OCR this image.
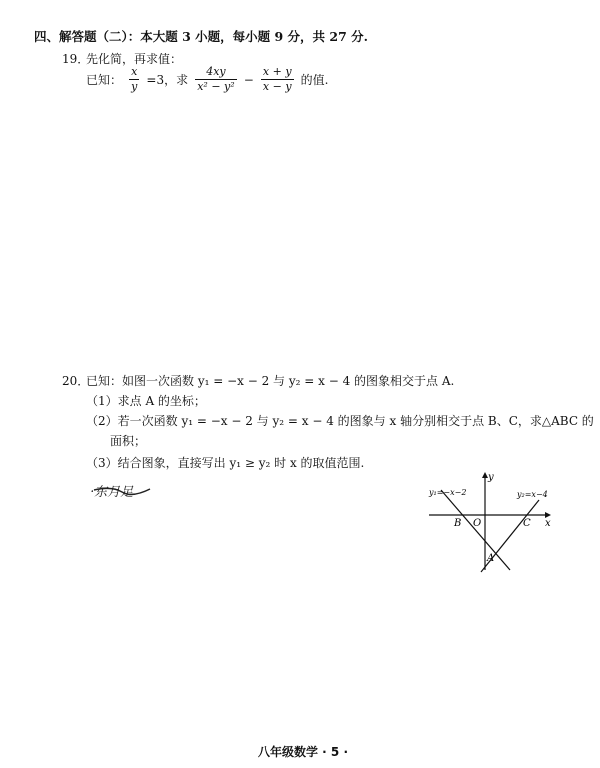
四、解答题（二）：本大题 3 小题，每小题 9 分，共 27 分.
19．
先化简，再求值：
已知： $\frac{x}{y} =3$，求 $\frac{4xy}{\text{x² − y²}} - \frac{x + y}{x - y}$ 的值.
20．
已知：如图一次函数 y₁ = −x − 2 与 y₂ = x − 4 的图象相交于点 A.
（1）求点 A 的坐标；
（2）若一次函数 y₁ = −x − 2 与 y₂ = x − 4 的图象与 x 轴分别相交于点 B、C，求△ABC 的
面积；
（3）结合图象，直接写出 y₁ ≥ y₂ 时 x 的取值范围.
·东月足
y
x
y₁=−x−2	y₂=x−4
B O	C
A
八年级数学 · 5 ·
